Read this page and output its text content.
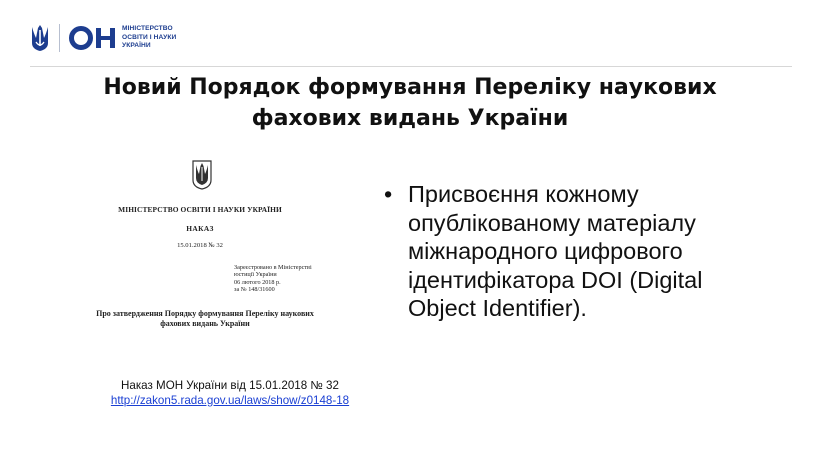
МІНІСТЕРСТВО
ОСВІТИ І НАУКИ
УКРАЇНИ
Новий Порядок формування Переліку наукових
фахових видань України
МІНІСТЕРСТВО ОСВІТИ І НАУКИ УКРАЇНИ
НАКАЗ
15.01.2018 № 32
Зареєстровано в Міністерстві
юстиції України
06 лютого 2018 р.
за № 148/31600
Про затвердження Порядку формування Переліку наукових
фахових видань України
Наказ МОН України від 15.01.2018 № 32
http://zakon5.rada.gov.ua/laws/show/z0148-18
• Присвоєння кожному
опублікованому матеріалу
міжнародного цифрового
ідентифікатора DOI (Digital
Object Identifier).
